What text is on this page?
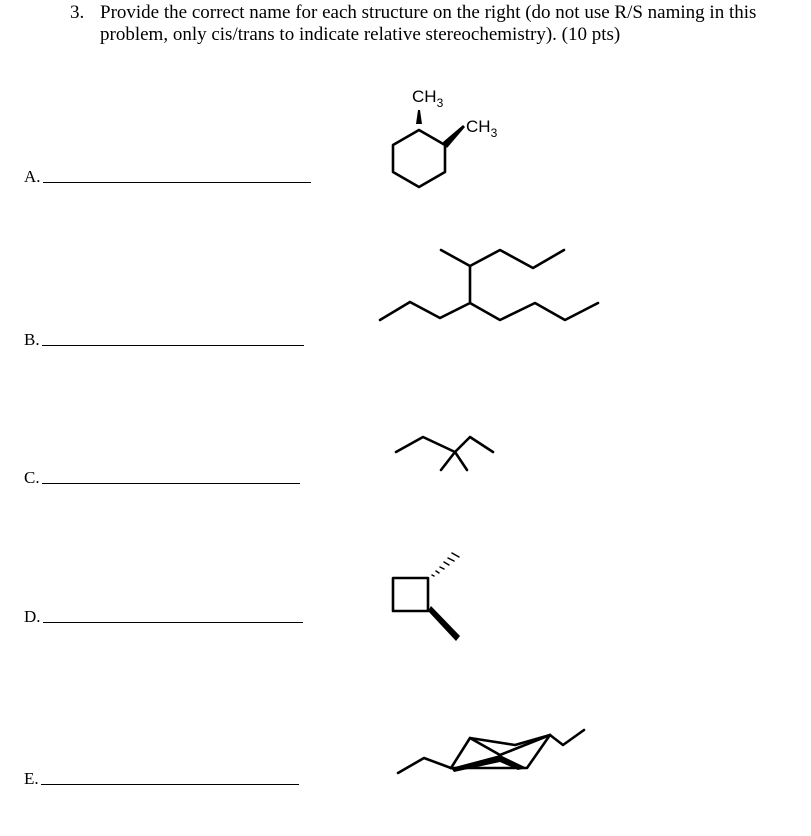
3. Provide the correct name for each structure on the right (do not use R/S naming in this problem, only cis/trans to indicate relative stereochemistry). (10 pts)
A.
B.
C.
D.
E.
$CH_3$
$CH_3$
